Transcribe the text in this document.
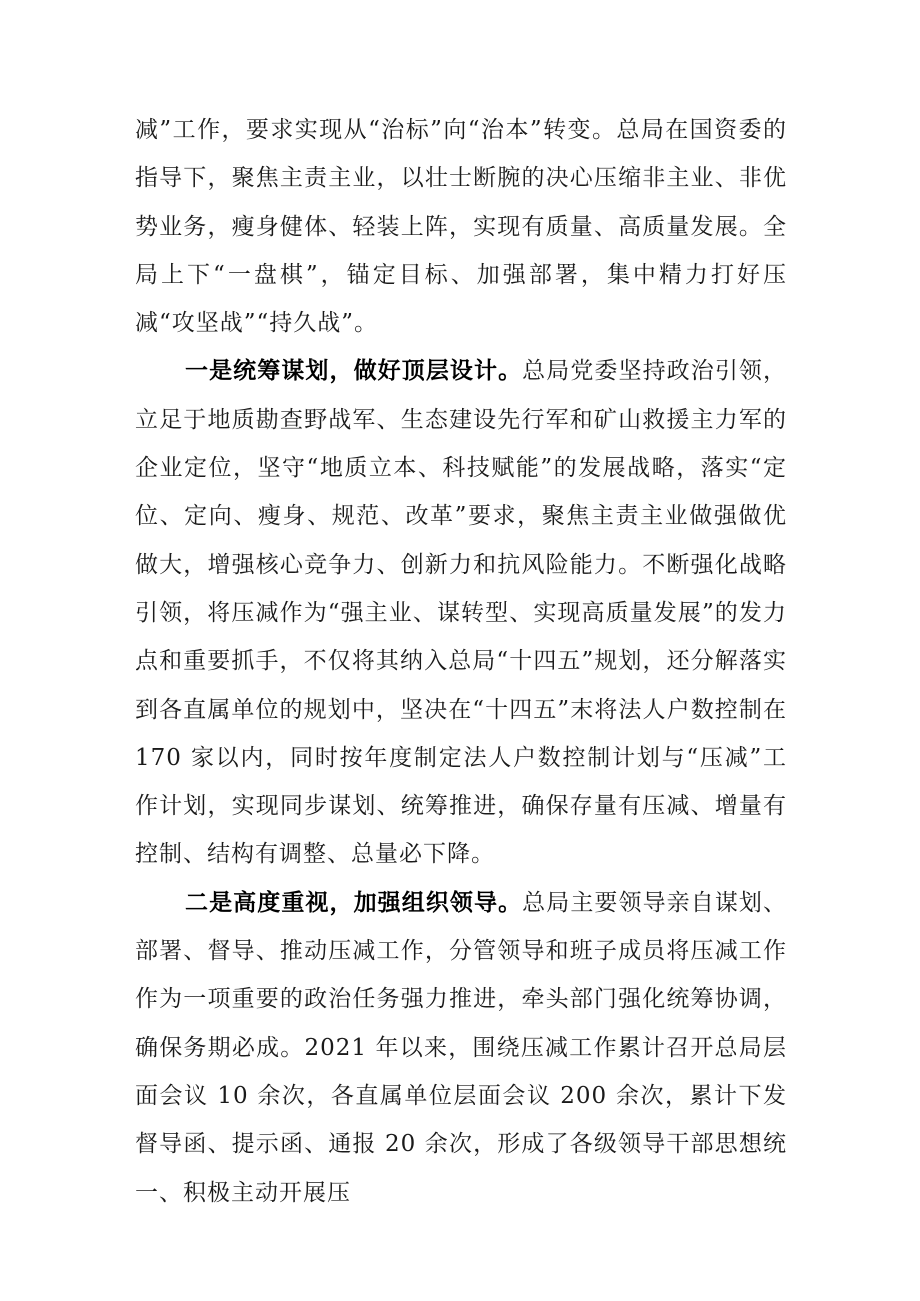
减”工作，要求实现从“治标”向“治本”转变。总局在国资委的指导下，聚焦主责主业，以壮士断腕的决心压缩非主业、非优势业务，瘦身健体、轻装上阵，实现有质量、高质量发展。全局上下“一盘棋”，锚定目标、加强部署，集中精力打好压减“攻坚战”“持久战”。

一是统筹谋划，做好顶层设计。总局党委坚持政治引领，立足于地质勘查野战军、生态建设先行军和矿山救援主力军的企业定位，坚守“地质立本、科技赋能”的发展战略，落实“定位、定向、瘦身、规范、改革”要求，聚焦主责主业做强做优做大，增强核心竞争力、创新力和抗风险能力。不断强化战略引领，将压减作为“强主业、谋转型、实现高质量发展”的发力点和重要抓手，不仅将其纳入总局“十四五”规划，还分解落实到各直属单位的规划中，坚决在“十四五”末将法人户数控制在 170 家以内，同时按年度制定法人户数控制计划与“压减”工作计划，实现同步谋划、统筹推进，确保存量有压减、增量有控制、结构有调整、总量必下降。

二是高度重视，加强组织领导。总局主要领导亲自谋划、部署、督导、推动压减工作，分管领导和班子成员将压减工作作为一项重要的政治任务强力推进，牵头部门强化统筹协调，确保务期必成。2021 年以来，围绕压减工作累计召开总局层面会议 10 余次，各直属单位层面会议 200 余次，累计下发督导函、提示函、通报 20 余次，形成了各级领导干部思想统一、积极主动开展压
